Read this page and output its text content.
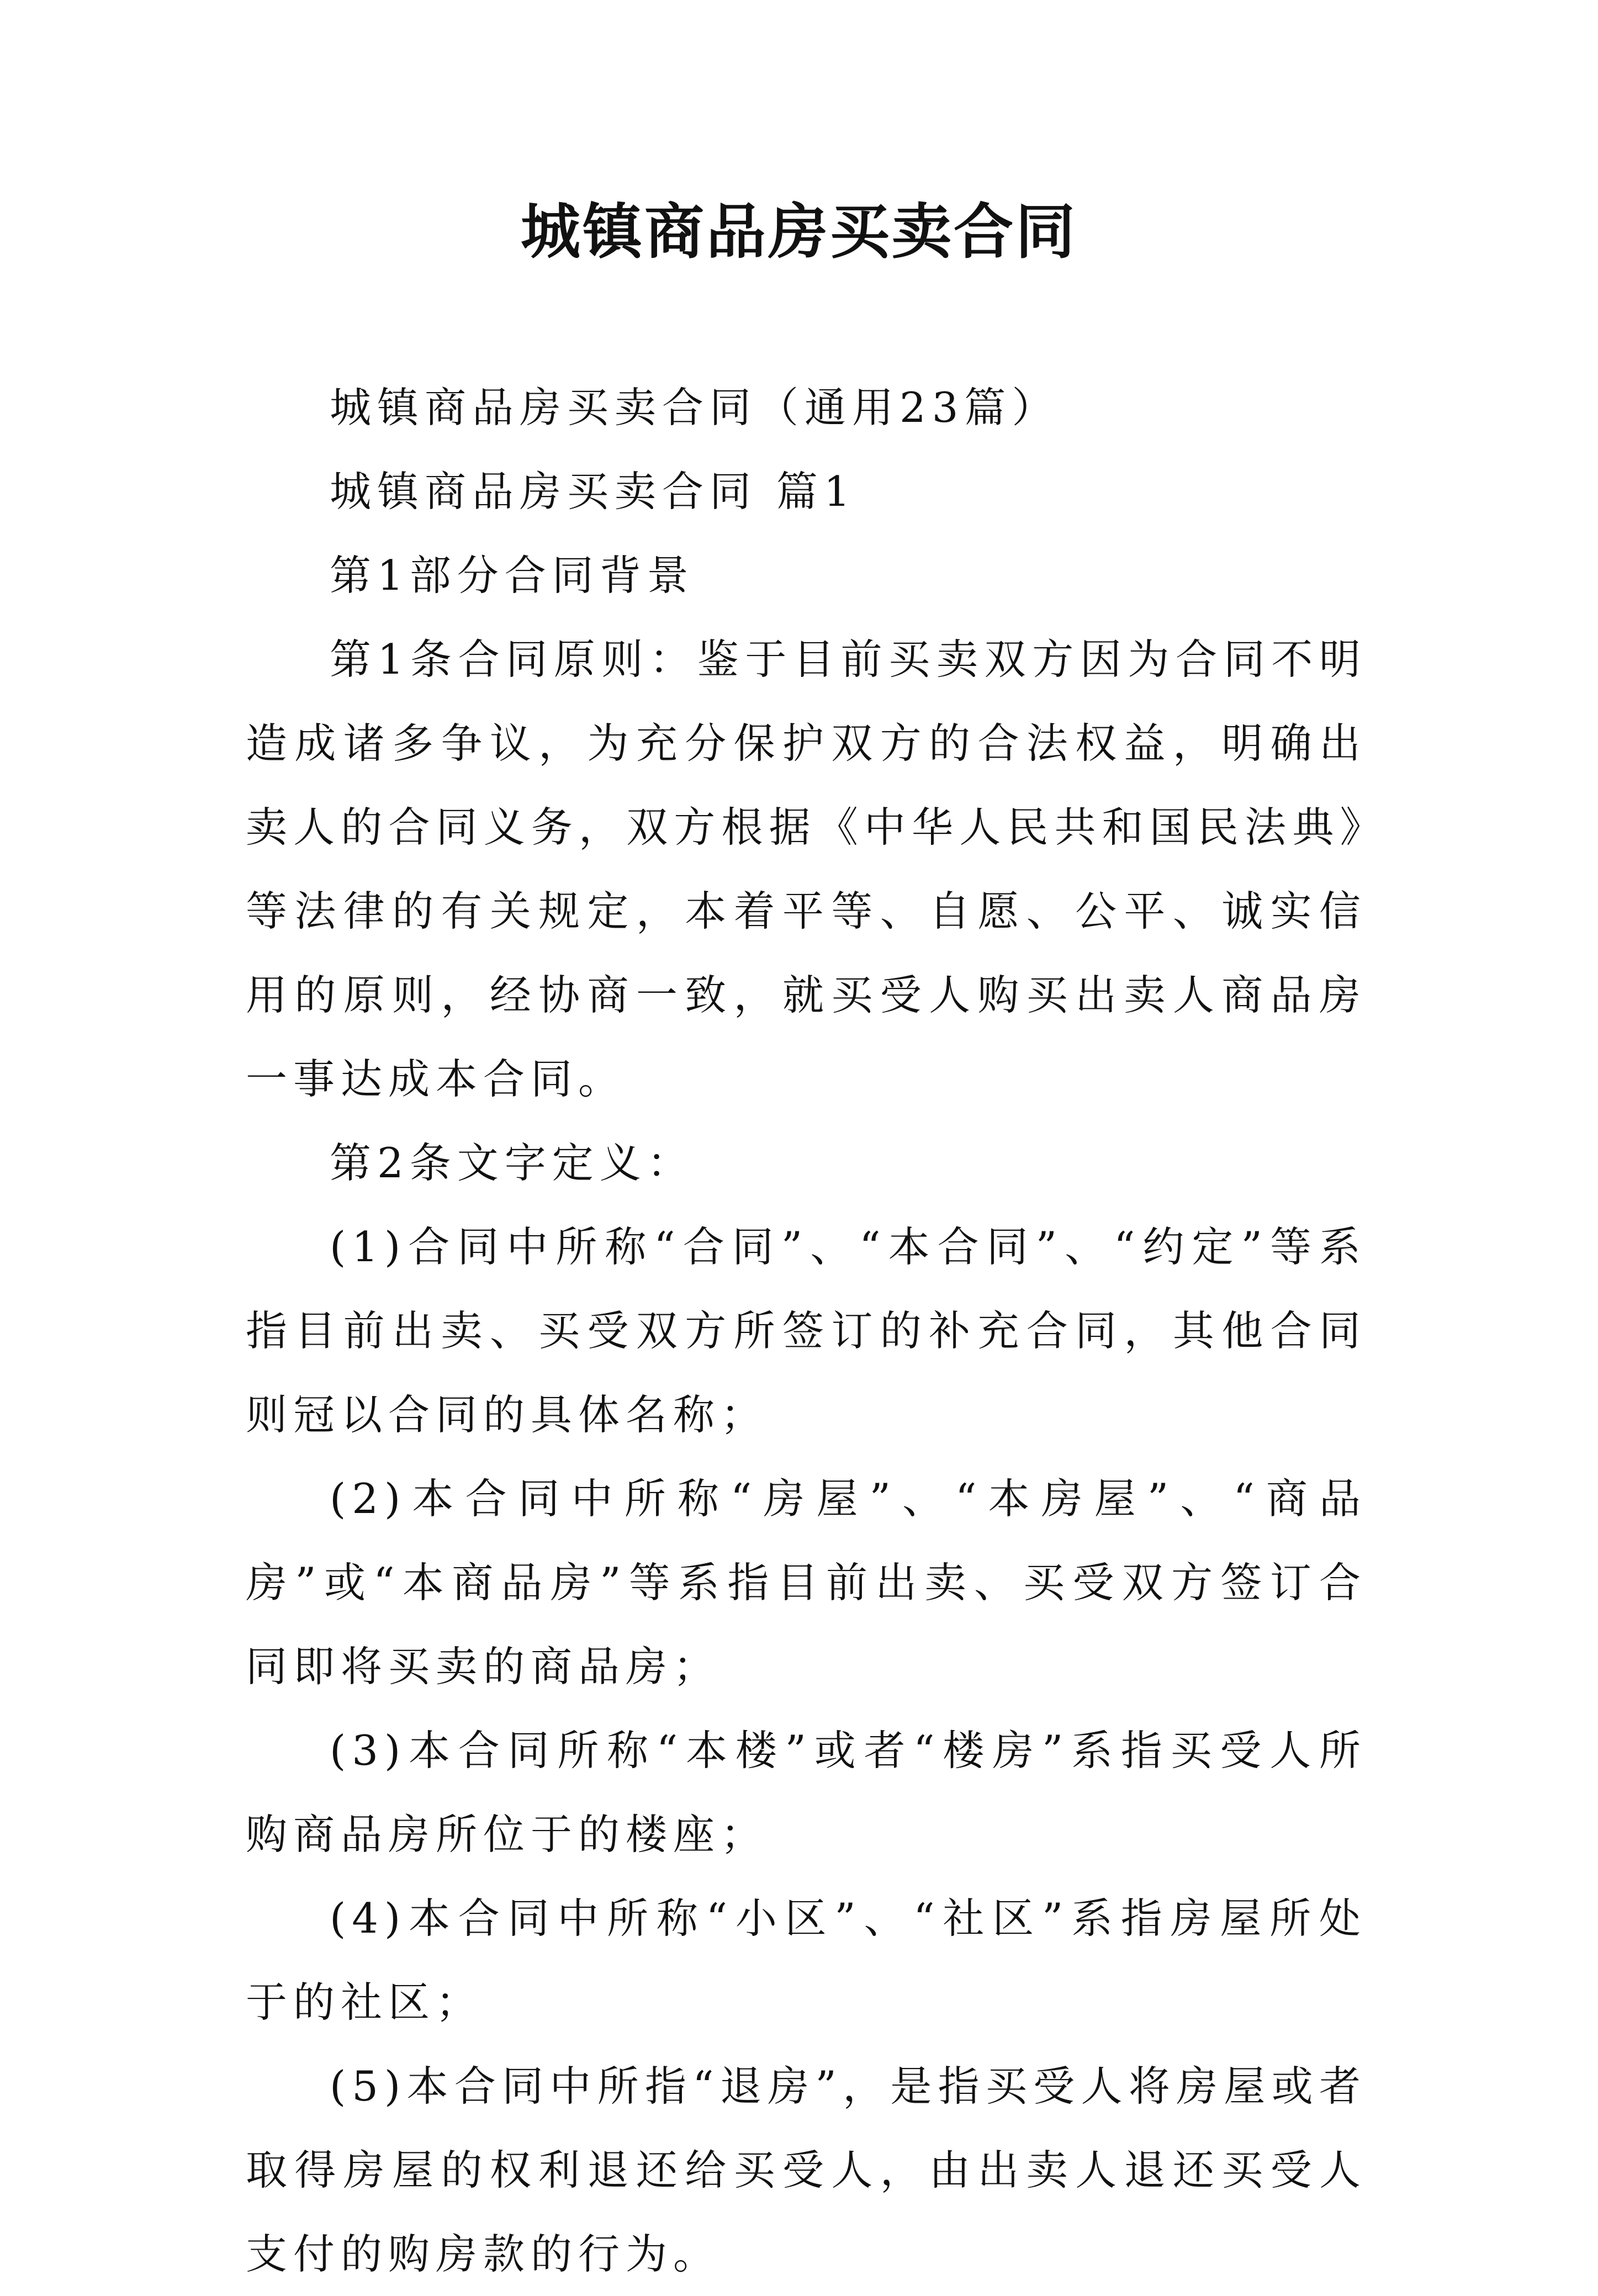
城镇商品房买卖合同

城镇商品房买卖合同（通用23篇）

城镇商品房买卖合同 篇1

第1部分合同背景

第1条合同原则：鉴于目前买卖双方因为合同不明造成诸多争议，为充分保护双方的合法权益，明确出卖人的合同义务，双方根据《中华人民共和国民法典》等法律的有关规定，本着平等、自愿、公平、诚实信用的原则，经协商一致，就买受人购买出卖人商品房一事达成本合同。

第2条文字定义：

(1)合同中所称“合同”、“本合同”、“约定”等系指目前出卖、买受双方所签订的补充合同，其他合同则冠以合同的具体名称；

(2)本合同中所称“房屋”、“本房屋”、“商品房”或“本商品房”等系指目前出卖、买受双方签订合同即将买卖的商品房；

(3)本合同所称“本楼”或者“楼房”系指买受人所购商品房所位于的楼座；

(4)本合同中所称“小区”、“社区”系指房屋所处于的社区；

(5)本合同中所指“退房”，是指买受人将房屋或者取得房屋的权利退还给买受人，由出卖人退还买受人支付的购房款的行为。
